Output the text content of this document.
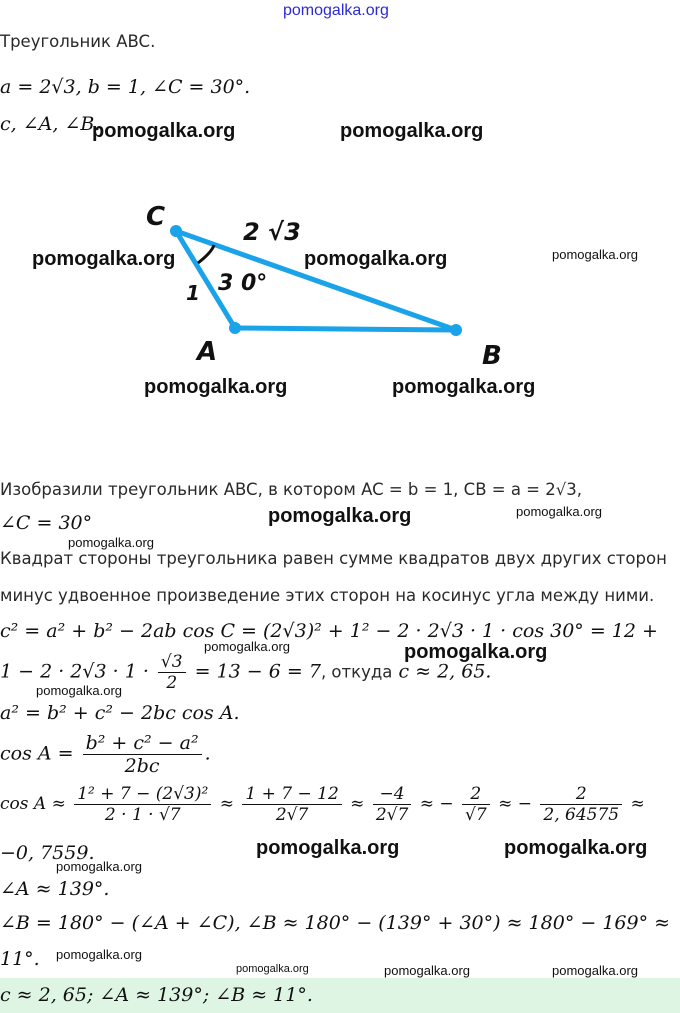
pomogalka.org
Треугольник ABC.
a = 2√3, b = 1, ∠C = 30°.
c, ∠A, ∠B.
C
A	B
2 √3
1 3 0°
Изобразили треугольник ABC, в котором AC = b = 1, CB = a = 2√3,
∠C = 30°
Квадрат стороны треугольника равен сумме квадратов двух других сторон
минус удвоенное произведение этих сторон на косинус угла между ними.
c² = a² + b² − 2ab cos C = (2√3)² + 1² − 2 · 2√3 · 1 · cos 30° = 12 +
$1 - 2 \cdot 2√3 \cdot 1 \cdot \frac{√3}{2} = 13 - 6 = 7$, откуда c ≈ 2, 65.
a² = b² + c² − 2bc cos A.
$\cos A = \frac{\text{b² + c² − a²}}{2bc}$ .
$\cos A \approx \frac{\text{1² + 7 − (2√3)²}}{2 \cdot 1 \cdot √7} \approx \frac{1 + 7 - 12}{2√7} \approx \frac{-4}{2√7}$ ≈ − $\frac{2}{√7}$ ≈ − $\frac{2}{2, 64575}$ ≈
−0, 7559.
∠A ≈ 139°.
∠B = 180° − (∠A + ∠C), ∠B ≈ 180° − (139° + 30°) ≈ 180° − 169° ≈
11°.
c ≈ 2, 65; ∠A ≈ 139°; ∠B ≈ 11°.
pomogalka.org	pomogalka.org
pomogalka.org	pomogalka.org	pomogalka.org
pomogalka.org	pomogalka.org
pomogalka.org	pomogalka.org
pomogalka.org
pomogalka.org	pomogalka.org
pomogalka.org
pomogalka.org	pomogalka.org
pomogalka.org
pomogalka.org
pomogalka.org	pomogalka.org	pomogalka.org
